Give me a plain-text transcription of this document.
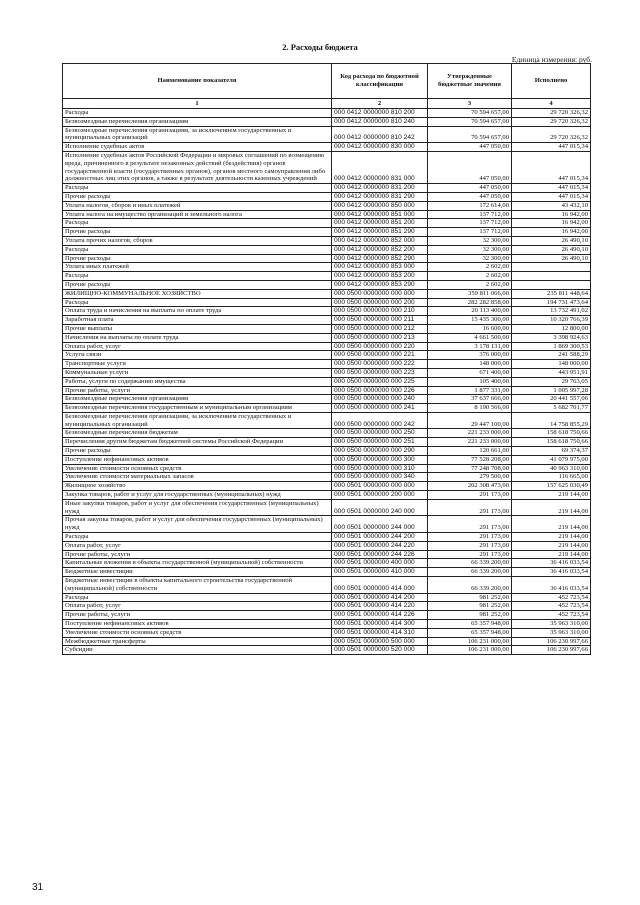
2. Расходы бюджета
Единица измерения: руб.
Наименование показателя	Код расхода по бюджетной классификации	Утвержденные бюджетные значения	Исполнено
1	2	3	4
Расходы	000 0412 0000000 810 200	70 594 657,00	29 720 326,32
Безвозмездные перечисления организациям	000 0412 0000000 810 240	70 594 657,00	29 720 326,32
Безвозмездные перечисления организациям, за исключением государственных и муниципальных организаций	000 0412 0000000 810 242	70 594 657,00	29 720 326,32
Исполнение судебных актов	000 0412 0000000 830 000	447 050,00	447 015,34
Исполнение судебных актов Российской Федерации и мировых соглашений по возмещению вреда, причиненного в результате незаконных действий (бездействия) органов государственной власти (государственных органов), органов местного самоуправления либо должностных лиц этих органов, а также в результате деятельности казенных учреждений	000 0412 0000000 831 000	447 050,00	447 015,34
Расходы	000 0412 0000000 831 200	447 050,00	447 015,34
Прочие расходы	000 0412 0000000 831 290	447 050,00	447 015,34
Уплата налогов, сборов и иных платежей	000 0412 0000000 850 000	172 614,00	43 432,10
Уплата налога на имущество организаций и земельного налога	000 0412 0000000 851 000	137 712,00	16 942,00
Расходы	000 0412 0000000 851 200	137 712,00	16 942,00
Прочие расходы	000 0412 0000000 851 290	137 712,00	16 942,00
Уплата прочих налогов, сборов	000 0412 0000000 852 000	32 300,00	26 490,10
Расходы	000 0412 0000000 852 200	32 300,00	26 490,10
Прочие расходы	000 0412 0000000 852 290	32 300,00	26 490,10
Уплата иных платежей	000 0412 0000000 853 000	2 602,00	
Расходы	000 0412 0000000 853 200	2 602,00	
Прочие расходы	000 0412 0000000 853 290	2 602,00	
ЖИЛИЩНО-КОММУНАЛЬНОЕ ХОЗЯЙСТВО	000 0500 0000000 000 000	359 811 066,00	235 811 448,64
Расходы	000 0500 0000000 000 200	282 282 858,00	194 731 473,64
Оплата труда и начисления на выплаты по оплате труда	000 0500 0000000 000 210	20 113 400,00	13 732 491,02
Заработная плата	000 0500 0000000 000 211	15 435 300,00	10 320 766,39
Прочие выплаты	000 0500 0000000 000 212	16 600,00	12 800,00
Начисления на выплаты по оплате труда	000 0500 0000000 000 213	4 661 500,00	3 398 924,63
Оплата работ, услуг	000 0500 0000000 000 220	3 178 131,00	1 869 300,53
Услуги связи	000 0500 0000000 000 221	376 000,00	241 588,29
Транспортные услуги	000 0500 0000000 000 222	148 000,00	148 000,00
Коммунальные услуги	000 0500 0000000 000 223	671 400,00	443 951,91
Работы, услуги по содержанию имущества	000 0500 0000000 000 225	105 400,00	29 763,05
Прочие работы, услуги	000 0500 0000000 000 226	1 877 331,00	1 005 997,28
Безвозмездные перечисления организациям	000 0500 0000000 000 240	37 637 666,00	20 441 557,06
Безвозмездные перечисления государственным и муниципальным организациям	000 0500 0000000 000 241	8 190 566,00	5 682 701,77
Безвозмездные перечисления организациям, за исключением государственных и муниципальных организаций	000 0500 0000000 000 242	29 447 100,00	14 758 855,29
Безвозмездные перечисления бюджетам	000 0500 0000000 000 250	221 233 000,00	158 618 750,66
Перечисления другим бюджетам бюджетной системы Российской Федерации	000 0500 0000000 000 251	221 233 000,00	158 618 750,66
Прочие расходы	000 0500 0000000 000 290	120 661,00	69 374,37
Поступление нефинансовых активов	000 0500 0000000 000 300	77 528 208,00	41 079 975,00
Увеличение стоимости основных средств	000 0500 0000000 000 310	77 248 708,00	40 963 310,00
Увеличение стоимости материальных запасов	000 0500 0000000 000 340	279 500,00	116 665,00
Жилищное хозяйство	000 0501 0000000 000 000	202 308 473,00	157 625 030,49
Закупка товаров, работ и услуг для государственных (муниципальных) нужд	000 0501 0000000 200 000	291 173,00	219 144,00
Иные закупки товаров, работ и услуг для обеспечения государственных (муниципальных) нужд	000 0501 0000000 240 000	291 173,00	219 144,00
Прочая закупка товаров, работ и услуг для обеспечения государственных (муниципальных) нужд	000 0501 0000000 244 000	291 173,00	219 144,00
Расходы	000 0501 0000000 244 200	291 173,00	219 144,00
Оплата работ, услуг	000 0501 0000000 244 220	291 173,00	219 144,00
Прочие работы, услуги	000 0501 0000000 244 226	291 173,00	219 144,00
Капитальные вложения в объекты государственной (муниципальной) собственности	000 0501 0000000 400 000	66 339 200,00	36 416 033,54
Бюджетные инвестиции	000 0501 0000000 410 000	66 339 200,00	36 416 033,54
Бюджетные инвестиции в объекты капитального строительства государственной (муниципальной) собственности	000 0501 0000000 414 000	66 339 200,00	36 416 033,54
Расходы	000 0501 0000000 414 200	981 252,00	452 723,54
Оплата работ, услуг	000 0501 0000000 414 220	981 252,00	452 723,54
Прочие работы, услуги	000 0501 0000000 414 226	981 252,00	452 723,54
Поступление нефинансовых активов	000 0501 0000000 414 300	65 357 948,00	35 963 310,00
Увеличение стоимости основных средств	000 0501 0000000 414 310	65 357 948,00	35 963 310,00
Межбюджетные трансферты	000 0501 0000000 500 000	106 231 000,00	106 230 997,66
Субсидии	000 0501 0000000 520 000	106 231 000,00	106 230 997,66
31
